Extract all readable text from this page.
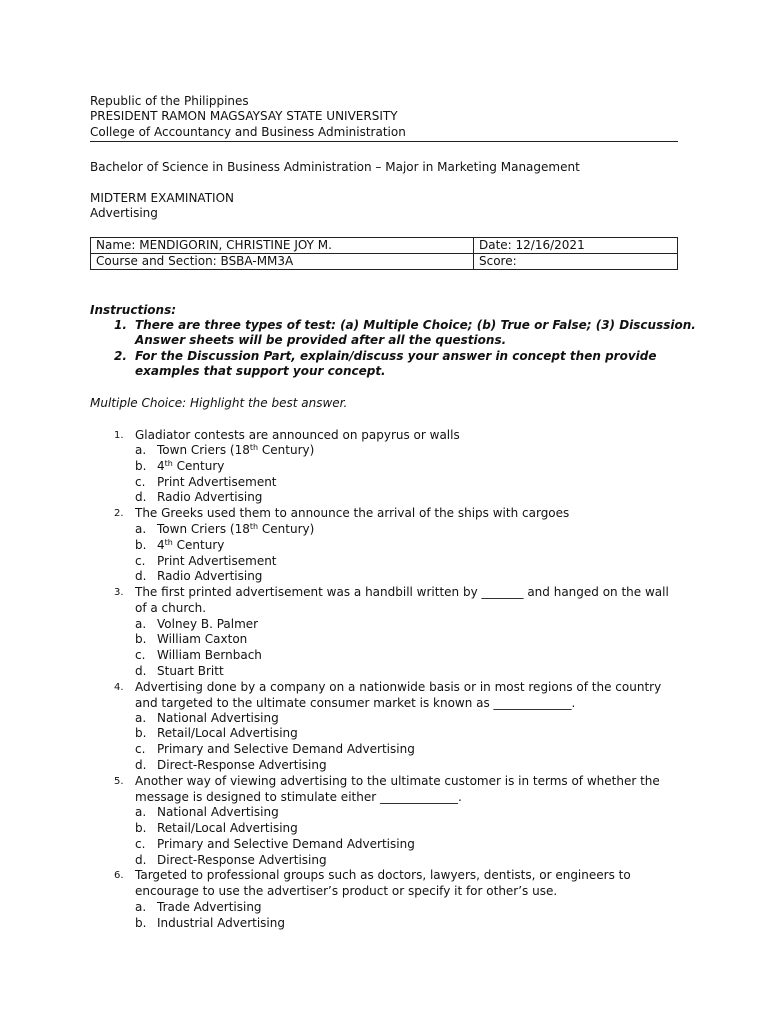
Republic of the Philippines
PRESIDENT RAMON MAGSAYSAY STATE UNIVERSITY
College of Accountancy and Business Administration
Bachelor of Science in Business Administration – Major in Marketing Management
MIDTERM EXAMINATION
Advertising
Name: MENDIGORIN, CHRISTINE JOY M.	Date: 12/16/2021
Course and Section: BSBA-MM3A	Score:
Instructions:
1. There are three types of test: (a) Multiple Choice; (b) True or False; (3) Discussion.
Answer sheets will be provided after all the questions.
2. For the Discussion Part, explain/discuss your answer in concept then provide
examples that support your concept.
Multiple Choice: Highlight the best answer.
1. Gladiator contests are announced on papyrus or walls
a. Town Criers (18th Century)
b. 4th Century
c. Print Advertisement
d. Radio Advertising
2. The Greeks used them to announce the arrival of the ships with cargoes
a. Town Criers (18th Century)
b. 4th Century
c. Print Advertisement
d. Radio Advertising
3. The first printed advertisement was a handbill written by _______ and hanged on the wall of a church.
a. Volney B. Palmer
b. William Caxton
c. William Bernbach
d. Stuart Britt
4. Advertising done by a company on a nationwide basis or in most regions of the country and targeted to the ultimate consumer market is known as _____________.
a. National Advertising
b. Retail/Local Advertising
c. Primary and Selective Demand Advertising
d. Direct-Response Advertising
5. Another way of viewing advertising to the ultimate customer is in terms of whether the message is designed to stimulate either _____________.
a. National Advertising
b. Retail/Local Advertising
c. Primary and Selective Demand Advertising
d. Direct-Response Advertising
6. Targeted to professional groups such as doctors, lawyers, dentists, or engineers to encourage to use the advertiser’s product or specify it for other’s use.
a. Trade Advertising
b. Industrial Advertising
